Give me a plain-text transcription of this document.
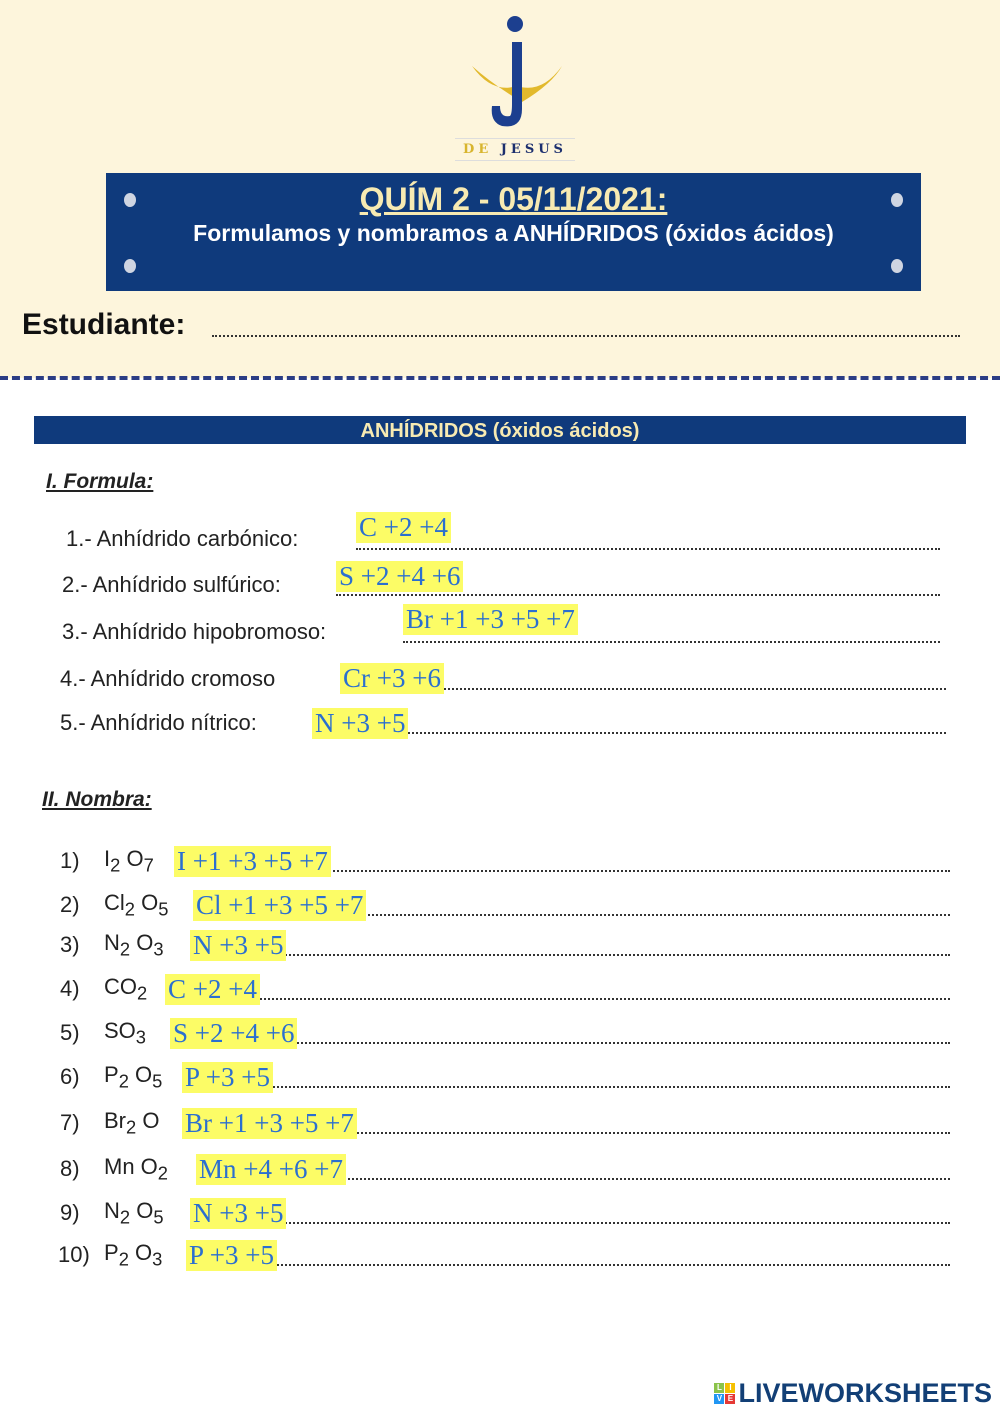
DE JESUS
QUÍM 2 - 05/11/2021:

Formulamos y nombramos a ANHÍDRIDOS (óxidos ácidos)

Estudiante:
ANHÍDRIDOS (óxidos ácidos)
I. Formula:
1.- Anhídrido carbónico: C +2 +4
2.- Anhídrido sulfúrico: S +2 +4 +6
3.- Anhídrido hipobromoso:	Br +1 +3 +5 +7
4.- Anhídrido cromoso	Cr +3 +6
5.- Anhídrido nítrico: N +3 +5
II. Nombra:
1) $I_2$ $O_7$ I +1 +3 +5 +7
2) $Cl_2$ $O_5$ Cl +1 +3 +5 +7
3) $N_2$ $O_3$ N +3 +5
4) $CO_2$ C +2 +4
5) $SO_3$ S +2 +4 +6
6) $P_2$ $O_5$ P +3 +5
7) $Br_2$ O Br +1 +3 +5 +7
8) Mn $O_2$ Mn +4 +6 +7
9) $N_2$ $O_5$ N +3 +5
10) $P_2$ $O_3$ P +3 +5
L I
V E LIVEWORKSHEETS
